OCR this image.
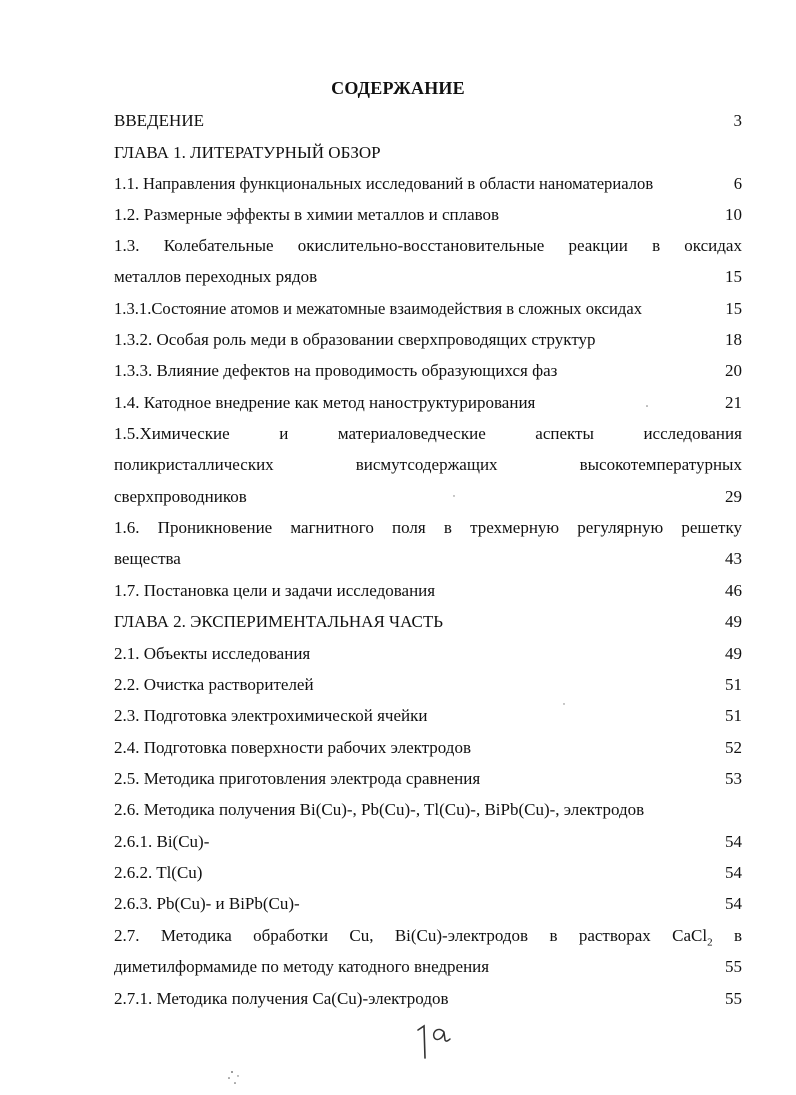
СОДЕРЖАНИЕ
ВВЕДЕНИЕ	3
ГЛАВА 1. ЛИТЕРАТУРНЫЙ ОБЗОР
1.1. Направления функциональных исследований в области наноматериалов	6
1.2. Размерные эффекты в химии металлов и сплавов	10
1.3. Колебательные окислительно-восстановительные реакции в оксидах
металлов переходных рядов	15
1.3.1.Состояние атомов и межатомные взаимодействия в сложных оксидах	15
1.3.2. Особая роль меди в образовании сверхпроводящих структур	18
1.3.3. Влияние дефектов на проводимость образующихся фаз	20
1.4. Катодное внедрение как метод наноструктурирования	21
1.5.Химические	и	материаловедческие	аспекты	исследования
поликристаллических	висмутсодержащих	высокотемпературных
сверхпроводников	29
1.6. Проникновение магнитного поля в трехмерную регулярную решетку
вещества	43
1.7. Постановка цели и задачи исследования	46
ГЛАВА 2. ЭКСПЕРИМЕНТАЛЬНАЯ ЧАСТЬ	49
2.1. Объекты исследования	49
2.2. Очистка растворителей	51
2.3. Подготовка электрохимической ячейки	51
2.4. Подготовка поверхности рабочих электродов	52
2.5. Методика приготовления электрода сравнения	53
2.6. Методика получения Bi(Cu)-, Pb(Cu)-, Tl(Cu)-, BiPb(Cu)-, электродов
2.6.1. Bi(Cu)-	54
2.6.2. Tl(Cu)	54
2.6.3. Pb(Cu)- и BiPb(Cu)-	54
2.7. Методика обработки Cu, Bi(Cu)-электродов в растворах CaCl$_2$ в
диметилформамиде по методу катодного внедрения	55
2.7.1. Методика получения Ca(Cu)-электродов	55
